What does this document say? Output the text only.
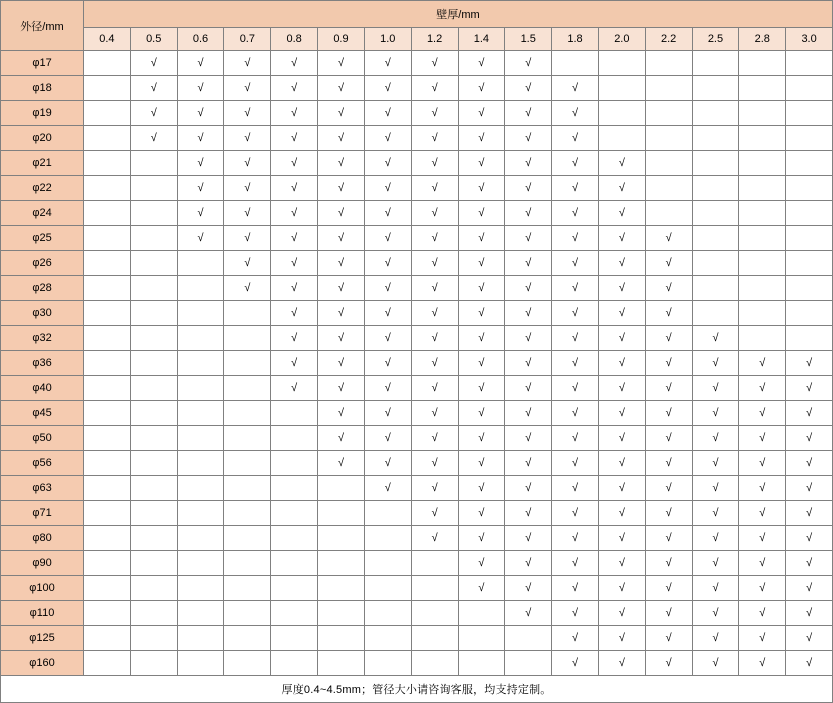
外径/mm	壁厚/mm															
	0.4	0.5	0.6	0.7	0.8	0.9	1.0	1.2	1.4	1.5	1.8	2.0	2.2	2.5	2.8	3.0
φ17		√	√	√	√	√	√	√	√	√						
φ18		√	√	√	√	√	√	√	√	√	√					
φ19		√	√	√	√	√	√	√	√	√	√					
φ20		√	√	√	√	√	√	√	√	√	√					
φ21			√	√	√	√	√	√	√	√	√	√				
φ22			√	√	√	√	√	√	√	√	√	√				
φ24			√	√	√	√	√	√	√	√	√	√				
φ25			√	√	√	√	√	√	√	√	√	√	√			
φ26				√	√	√	√	√	√	√	√	√	√			
φ28				√	√	√	√	√	√	√	√	√	√			
φ30					√	√	√	√	√	√	√	√	√			
φ32					√	√	√	√	√	√	√	√	√	√		
φ36					√	√	√	√	√	√	√	√	√	√	√	√
φ40					√	√	√	√	√	√	√	√	√	√	√	√
φ45						√	√	√	√	√	√	√	√	√	√	√
φ50						√	√	√	√	√	√	√	√	√	√	√
φ56						√	√	√	√	√	√	√	√	√	√	√
φ63							√	√	√	√	√	√	√	√	√	√
φ71								√	√	√	√	√	√	√	√	√
φ80								√	√	√	√	√	√	√	√	√
φ90									√	√	√	√	√	√	√	√
φ100									√	√	√	√	√	√	√	√
φ110										√	√	√	√	√	√	√
φ125											√	√	√	√	√	√
φ160											√	√	√	√	√	√
厚度0.4~4.5mm；管径大小请咨询客服，均支持定制。																
